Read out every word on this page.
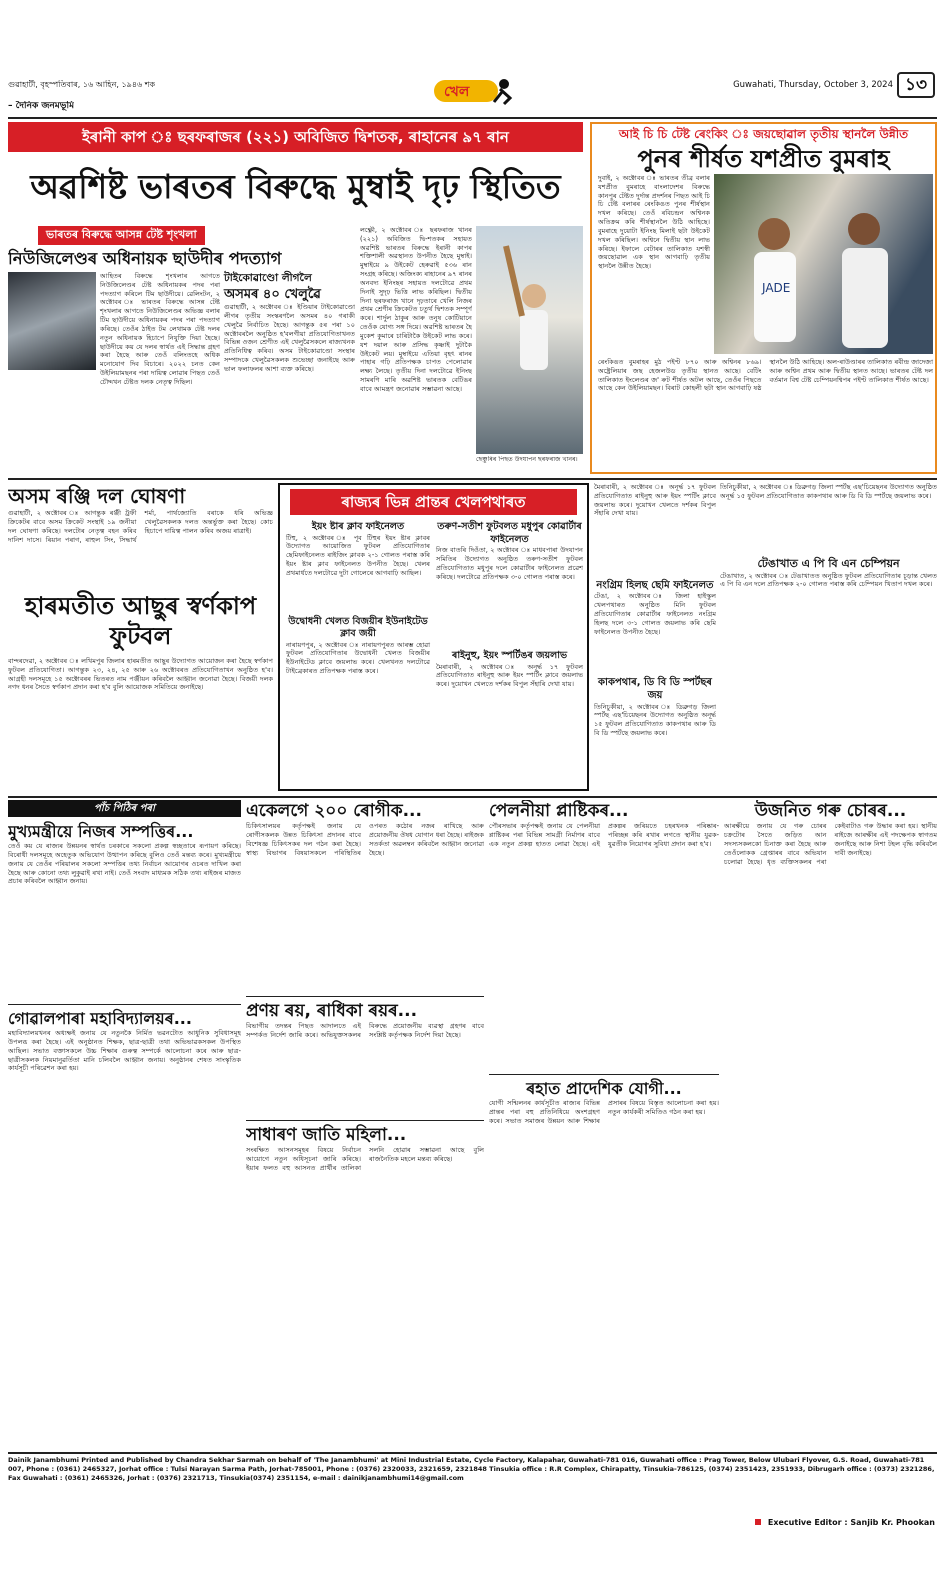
গুৱাহাটী, বৃহস্পতিবাৰ, ১৬ আহিন, ১৯৪৬ শক
– দৈনিক জনমভূমি
খেল	Guwahati, Thursday, October 3, 2024 ১৩
ইৰানী কাপ ঃ ছৰফৰাজৰ (২২১) অবিজিত দ্বিশতক, ৰাহানেৰ ৯৭ ৰান
অৱশিষ্ট ভাৰতৰ বিৰুদ্ধে মুম্বাই দৃঢ় স্থিতিত
ভাৰতৰ বিৰুদ্ধে আসন্ন টেষ্ট শৃংখলা
নিউজিলেণ্ডৰ অধিনায়ক ছাউদীৰ পদত্যাগ
আহিতৰ বিৰুদ্ধে শৃংখলাৰ আগতে নিউজিলেণ্ডৰ টেষ্ট অধিনায়কৰ পদৰ পৰা পদত্যাগ কৰিলে টিম ছাউদীয়ে। ৱেলিংটন, ২ অক্টোবৰ ঃ ভাৰতৰ বিৰুদ্ধে আসন্ন টেষ্ট শৃংখলাৰ আগতে নিউজিলেণ্ডৰ অভিজ্ঞ বলাৰ টিম ছাউদীয়ে অধিনায়কৰ পদৰ পৰা পদত্যাগ কৰিছে। তেওঁৰ ঠাইত টম লেথামক টেষ্ট দলৰ নতুন অধিনায়ক হিচাপে নিযুক্তি দিয়া হৈছে। ছাউদীয়ে কয় যে দলৰ স্বাৰ্থত এই সিদ্ধান্ত গ্ৰহণ কৰা হৈছে আৰু তেওঁ বলিংতহে অধিক মনোযোগ দিব বিচাৰে। ২০২২ চনত কেন উইলিয়ামছনৰ পৰা দায়িত্ব লোৱাৰ পিছত তেওঁ চৌদ্দখন টেষ্টত দলক নেতৃত্ব দিছিল।
টাইকোৱাণ্ডো লীগলৈ
অসমৰ ৪০ খেলুৱৈ
গুৱাহাটী, ২ অক্টোবৰ ঃ ইণ্ডিয়াৰ টাইকোৱাণ্ডো লীগৰ তৃতীয় সংস্কৰণলৈ অসমৰ ৪০ গৰাকী খেলুৱৈ নিৰ্বাচিত হৈছে। আগন্তুক ৫ৰ পৰা ১০ অক্টোবৰলৈ অনুষ্ঠিত হ'বলগীয়া প্ৰতিযোগিতাখনত বিভিন্ন ওজন শ্ৰেণীত এই খেলুৱৈসকলে ৰাজ্যখনক প্ৰতিনিধিত্ব কৰিব। অসম টাইকোৱাণ্ডো সংস্থাৰ সম্পাদকে খেলুৱৈসকলক শুভেচ্ছা জনাইছে আৰু ভাল ফলাফলৰ আশা ব্যক্ত কৰিছে।
লক্ষ্ণৌ, ২ অক্টোবৰ ঃ ছৰফৰাজ খানৰ (২২১) অবিজিত দ্বি-শতকৰ সহায়ত অৱশিষ্ট ভাৰতৰ বিৰুদ্ধে ইৰানী কাপৰ শক্তিশালী অৱস্থানত উপনীত হৈছে মুম্বাই। মুম্বাইয়ে ৯ উইকেট হেৰুৱাই ৫৩৬ ৰান সংগ্ৰহ কৰিছে। অজিংক্য ৰাহানেৰ ৯৭ ৰানৰ অনবদ্য ইনিংছৰ সহায়ত দলটোৱে প্ৰথম দিনাই সুদৃঢ় ভিত্তি লাভ কৰিছিল। দ্বিতীয় দিনা ছৰফৰাজ খানে দৃঢ়তাৰে খেলি নিজৰ প্ৰথম শ্ৰেণীৰ ক্ৰিকেটত চতুৰ্থ দ্বিশতক সম্পূৰ্ণ কৰে। শাৰ্দুল ঠাকুৰ আৰু তনুষ কোটিয়ানে তেওঁক যোগ্য সঙ্গ দিয়ে। অৱশিষ্ট ভাৰতৰ হৈ মুকেশ কুমাৰে চাৰিটাকৈ উইকেট লাভ কৰে। যশ দয়াল আৰু প্ৰসিদ্ধ কৃষ্ণাই দুটাকৈ উইকেট লয়। মুম্বাইয়ে এতিয়া বৃহৎ ৰানৰ পাহাৰ গঢ়ি প্ৰতিপক্ষক চাপত পেলোৱাৰ লক্ষ্য লৈছে। তৃতীয় দিনা দলটোৱে ইনিংছ সামৰণি মাৰি অৱশিষ্ট ভাৰতক বেটিঙৰ বাবে আমন্ত্ৰণ জনোৱাৰ সম্ভাৱনা আছে।
ছেঞ্চুৰিৰ পিছত উদযাপন ছৰফৰাজ খানৰ।
আই চি চি টেষ্ট ৰেংকিং ঃ জয়ছোৱাল তৃতীয় স্থানলৈ উন্নীত
পুনৰ শীৰ্ষত যশপ্ৰীত বুমৰাহ
দুবাই, ২ অক্টোবৰ ঃ ভাৰতৰ তীব্ৰ বলাৰ যশপ্ৰীত বুমৰাহে বাংলাদেশৰ বিৰুদ্ধে কানপুৰ টেষ্টত দুৰ্দান্ত প্ৰদৰ্শনৰ পিছত আই চি চি টেষ্ট বলাৰৰ ৰেংকিঙত পুনৰ শীৰ্ষস্থান দখল কৰিছে। তেওঁ ৰবিচন্দ্ৰন অশ্বিনক অতিক্ৰম কৰি শীৰ্ষস্থানলৈ উঠি আহিছে। বুমৰাহে দুয়োটা ইনিংছ মিলাই ছটা উইকেট দখল কৰিছিল। অশ্বিনে দ্বিতীয় স্থান লাভ কৰিছে। ইফালে বেটাৰৰ তালিকাত যশস্বী জয়ছোৱাল এক স্থান আগবাঢ়ি তৃতীয় স্থানলৈ উন্নীত হৈছে।
JADE
ৰেংকিঙত বুমৰাহৰ মুঠ পইণ্ট ৮৭০ আৰু অশ্বিনৰ ৮৬৯। অষ্ট্ৰেলিয়াৰ জছ হেজলউড তৃতীয় স্থানত আছে। বেটিং তালিকাত ইংলেণ্ডৰ জ' ৰুট শীৰ্ষত অটল আছে, তেওঁৰ পিছতে আছে কেন উইলিয়ামছন। বিৰাট কোহলী ছটা স্থান আগবাঢ়ি ষষ্ঠ স্থানলৈ উঠি আহিছে। অল-ৰাউণ্ডাৰৰ তালিকাত ৰবীন্দ্ৰ জাদেজা আৰু অশ্বিন প্ৰথম আৰু দ্বিতীয় স্থানত আছে। ভাৰতৰ টেষ্ট দল বৰ্তমান বিশ্ব টেষ্ট চেম্পিয়নশ্বিপৰ পইণ্ট তালিকাত শীৰ্ষত আছে।
অসম ৰঞ্জি দল ঘোষণা
গুৱাহাটী, ২ অক্টোবৰ ঃ আগন্তুক ৰঞ্জী ট্ৰফী ক্ৰিকেটৰ বাবে অসম ক্ৰিকেট সংস্থাই ১৯ জনীয়া দল ঘোষণা কৰিছে। দলটোৰ নেতৃত্ব বহন কৰিব দানিশ দাসে। ৰিয়ান পৰাগ, ৰাহুল সিং, সিদ্ধাৰ্থ শৰ্মা, পাৰ্থজ্যোতি বৰাকে ধৰি অভিজ্ঞ খেলুৱৈসকলক দলত অন্তৰ্ভুক্ত কৰা হৈছে। কোচ হিচাপে দায়িত্ব পালন কৰিব অজয় ৰাত্ৰাই।
হাৰমতীত আছুৰ স্বৰ্ণকাপ ফুটবল
বান্দৰদেৱা, ২ অক্টোবৰ ঃ লখিমপুৰ জিলাৰ হাৰমতীত আছুৰ উদ্যোগত আয়োজন কৰা হৈছে স্বৰ্ণকাপ ফুটবল প্ৰতিযোগিতা। আগন্তুক ২৩, ২৪, ২৫ আৰু ২৬ অক্টোবৰত প্ৰতিযোগিতাখন অনুষ্ঠিত হ'ব। আগ্ৰহী দলসমূহে ১৫ অক্টোবৰৰ ভিতৰত নাম পঞ্জীয়ন কৰিবলৈ আহ্বান জনোৱা হৈছে। বিজয়ী দলক নগদ ধনৰ সৈতে স্বৰ্ণকাপ প্ৰদান কৰা হ'ব বুলি আয়োজক সমিতিয়ে জনাইছে।
ৰাজ্যৰ ভিন্ন প্ৰান্তৰ খেলপথাৰত
ইয়ং ষ্টাৰ ক্লাব ফাইনেলত
টিহু, ২ অক্টোবৰ ঃ পূব টিহুৰ ইয়ং ষ্টাৰ ক্লাবৰ উদ্যোগত আয়োজিত ফুটবল প্ৰতিযোগিতাৰ ছেমিফাইনেলত ৰাইজিং ক্লাবক ২-১ গোলত পৰাস্ত কৰি ইয়ং ষ্টাৰ ক্লাব ফাইনেলত উপনীত হৈছে। খেলৰ প্ৰথমাৰ্ধতে দলটোৱে দুটা গোলেৰে আগবাঢ়ি আছিল।
উদ্বোধনী খেলত বিজয়ীৰ ইউনাইটেড ক্লাব জয়ী
নাৰায়ণপুৰ, ২ অক্টোবৰ ঃ নাৰায়ণপুৰত আৰম্ভ হোৱা ফুটবল প্ৰতিযোগিতাৰ উদ্বোধনী খেলত বিজয়ীৰ ইউনাইটেড ক্লাবে জয়লাভ কৰে। খেলখনত দলটোৱে টাইব্ৰেকাৰত প্ৰতিপক্ষক পৰাস্ত কৰে।
তৰুণ-সতীশ ফুটবলত মধুপুৰ কোৱাৰ্টাৰ ফাইনেলত
নিজ বাতৰি দিওঁতা, ২ অক্টোবৰ ঃ মাধবপাৰা উদযাপন সমিতিৰ উদ্যোগত অনুষ্ঠিত তৰুণ-সতীশ ফুটবল প্ৰতিযোগিতাত মধুপুৰ দলে কোৱাৰ্টাৰ ফাইনেলত প্ৰৱেশ কৰিছে। দলটোৱে প্ৰতিপক্ষক ৩-০ গোলত পৰাস্ত কৰে।
ৰাইনুহু, ইয়ং স্পৰ্টিঙৰ জয়লাভ
মৈৰাবাৰী, ২ অক্টোবৰ ঃ অনূৰ্দ্ধ ১৭ ফুটবল প্ৰতিযোগিতাত ৰাইনুহু আৰু ইয়ং স্পৰ্টিং ক্লাবে জয়লাভ কৰে। দুয়োখন খেলতে দৰ্শকৰ বিপুল সঁহাৰি দেখা যায়।
মৈৰাবাৰী, ২ অক্টোবৰ ঃ অনূৰ্দ্ধ ১৭ ফুটবল প্ৰতিযোগিতাত ৰাইনুহু আৰু ইয়ং স্পৰ্টিং ক্লাবে জয়লাভ কৰে। দুয়োখন খেলতে দৰ্শকৰ বিপুল সঁহাৰি দেখা যায়।
নংগ্ৰিম হিলছ ছেমি ফাইনেলত
টেঙা, ২ অক্টোবৰ ঃ জিলা হাইস্কুল খেলপথাৰত অনুষ্ঠিত মিনি ফুটবল প্ৰতিযোগিতাৰ কোৱাৰ্টাৰ ফাইনেলত নংগ্ৰিম হিলছ দলে ৩-১ গোলত জয়লাভ কৰি ছেমি ফাইনেলত উপনীত হৈছে।
কাকপথাৰ, ডি বি ডি স্পৰ্টছৰ জয়
তিনিচুকীয়া, ২ অক্টোবৰ ঃ ডিব্ৰুগড় জিলা স্পৰ্টছ এছ'চিয়েছনৰ উদ্যোগত অনুষ্ঠিত অনূৰ্দ্ধ ১৫ ফুটবল প্ৰতিযোগিতাত কাকপথাৰ আৰু ডি বি ডি স্পৰ্টছে জয়লাভ কৰে।
তিনিচুকীয়া, ২ অক্টোবৰ ঃ ডিব্ৰুগড় জিলা স্পৰ্টছ এছ'চিয়েছনৰ উদ্যোগত অনুষ্ঠিত অনূৰ্দ্ধ ১৫ ফুটবল প্ৰতিযোগিতাত কাকপথাৰ আৰু ডি বি ডি স্পৰ্টছে জয়লাভ কৰে।
টেঙাখাত এ পি বি এন চেম্পিয়ন
টেঙাখাত, ২ অক্টোবৰ ঃ টেঙাখাতত অনুষ্ঠিত ফুটবল প্ৰতিযোগিতাৰ চূড়ান্ত খেলত এ পি বি এন দলে প্ৰতিপক্ষক ২-০ গোলত পৰাস্ত কৰি চেম্পিয়ন খিতাপ দখল কৰে।
পাঁচ পিঠিৰ পৰা
মুখ্যমন্ত্ৰীয়ে নিজৰ সম্পত্তিৰ...
তেওঁ কয় যে ৰাজ্যৰ উন্নয়নৰ স্বাৰ্থত চৰকাৰে সকলো প্ৰকল্প স্বচ্ছতাৰে ৰূপায়ণ কৰিছে। বিৰোধী দলসমূহে অহেতুক অভিযোগ উত্থাপন কৰিছে বুলিও তেওঁ মন্তব্য কৰে। মুখ্যমন্ত্ৰীয়ে জনায় যে তেওঁৰ পৰিয়ালৰ সকলো সম্পত্তিৰ তথ্য নিৰ্বাচন আয়োগৰ ওচৰত দাখিল কৰা হৈছে আৰু কোনো তথ্য লুকুৱাই ৰখা নাই। তেওঁ সংবাদ মাধ্যমক সঠিক তথ্য ৰাইজৰ মাজত প্ৰচাৰ কৰিবলৈ আহ্বান জনায়।
গোৱালপাৰা মহাবিদ্যালয়ৰ...
মহাবিদ্যালয়খনৰ অধ্যক্ষই জনায় যে নতুনকৈ নিৰ্মিত ভৱনটোত আধুনিক সুবিধাসমূহ উপলব্ধ কৰা হৈছে। এই অনুষ্ঠানত শিক্ষক, ছাত্ৰ-ছাত্ৰী তথা অভিভাৱকসকল উপস্থিত আছিল। সভাত বক্তাসকলে উচ্চ শিক্ষাৰ গুৰুত্ব সম্পৰ্কে আলোচনা কৰে আৰু ছাত্ৰ-ছাত্ৰীসকলক নিয়মানুৱৰ্তিতা মানি চলিবলৈ আহ্বান জনায়। অনুষ্ঠানৰ শেষত সাংস্কৃতিক কাৰ্যসূচী পৰিৱেশন কৰা হয়।
একেলগে ২০০ ৰোগীক...
চিকিৎসালয়ৰ কৰ্তৃপক্ষই জনায় যে ৰোগীসকলক উন্নত চিকিৎসা প্ৰদানৰ বাবে বিশেষজ্ঞ চিকিৎসকৰ দল গঠন কৰা হৈছে। স্বাস্থ্য বিভাগৰ বিষয়াসকলে পৰিস্থিতিৰ ওপৰত কঠোৰ নজৰ ৰাখিছে আৰু প্ৰয়োজনীয় ঔষধ যোগান ধৰা হৈছে। ৰাইজক সতৰ্কতা অৱলম্বন কৰিবলৈ আহ্বান জনোৱা হৈছে।
প্ৰণয় ৰয়, ৰাধিকা ৰয়ৰ...
বিভাগীয় তদন্তৰ পিছত আদালতে এই সম্পৰ্কত নিৰ্দেশ জাৰি কৰে। অভিযুক্তসকলৰ বিৰুদ্ধে প্ৰয়োজনীয় ব্যৱস্থা গ্ৰহণৰ বাবে সংশ্লিষ্ট কৰ্তৃপক্ষক নিৰ্দেশ দিয়া হৈছে।
সাধাৰণ জাতি মহিলা...
সংৰক্ষিত আসনসমূহৰ বিষয়ে নিৰ্বাচন আয়োগে নতুন অধিসূচনা জাৰি কৰিছে। ইয়াৰ ফলত বহু আসনত প্ৰাৰ্থীৰ তালিকা সলনি হোৱাৰ সম্ভাৱনা আছে বুলি ৰাজনৈতিক মহলে মন্তব্য কৰিছে।
পেলনীয়া প্লাষ্টিকৰ...
পৌৰসভাৰ কৰ্তৃপক্ষই জনায় যে পেলনীয়া প্লাষ্টিকৰ পৰা বিভিন্ন সামগ্ৰী নিৰ্মাণৰ বাবে এক নতুন প্ৰকল্প হাতত লোৱা হৈছে। এই প্ৰকল্পৰ জৰিয়তে চহৰখনক পৰিষ্কাৰ-পৰিচ্ছন্ন কৰি ৰখাৰ লগতে স্থানীয় যুৱক-যুৱতীক নিয়োগৰ সুবিধা প্ৰদান কৰা হ'ব।
ৰহাত প্ৰাদেশিক যোগী...
যোগী সন্মিলনৰ কাৰ্যসূচীত ৰাজ্যৰ বিভিন্ন প্ৰান্তৰ পৰা বহু প্ৰতিনিধিয়ে অংশগ্ৰহণ কৰে। সভাত সমাজৰ উন্নয়ন আৰু শিক্ষাৰ প্ৰসাৰৰ বিষয়ে বিস্তৃত আলোচনা কৰা হয়। নতুন কাৰ্যকৰী সমিতিও গঠন কৰা হয়।
উজনিত গৰু চোৰৰ...
আৰক্ষীয়ে জনায় যে গৰু চোৰৰ চক্ৰটোৰ সৈতে জড়িত আন সদস্যসকলকো চিনাক্ত কৰা হৈছে আৰু তেওঁলোকক গ্ৰেপ্তাৰৰ বাবে অভিযান চলোৱা হৈছে। ধৃত ব্যক্তিসকলৰ পৰা কেইবাটাও গৰু উদ্ধাৰ কৰা হয়। স্থানীয় ৰাইজে আৰক্ষীৰ এই পদক্ষেপক স্বাগতম জনাইছে আৰু নিশা টহল বৃদ্ধি কৰিবলৈ দাবী জনাইছে।
Dainik Janambhumi Printed and Published by Chandra Sekhar Sarmah on behalf of 'The Janambhumi' at Mini Industrial Estate, Cycle Factory, Kalapahar, Guwahati-781 016, Guwahati office : Prag Tower, Below Ulubari Flyover, G.S. Road, Guwahati-781 007, Phone : (0361) 2465327, Jorhat office : Tulsi Narayan Sarma Path, Jorhat-785001, Phone : (0376) 2320033, 2321659, 2321848 Tinsukia office : R.R Complex, Chirapatty, Tinsukia-786125, (0374) 2351423, 2351933, Dibrugarh office : (0373) 2321286, Fax Guwahati : (0361) 2465326, Jorhat : (0376) 2321713, Tinsukia(0374) 2351154, e-mail : dainikjanambhumi14@gmail.com
Executive Editor : Sanjib Kr. Phookan
